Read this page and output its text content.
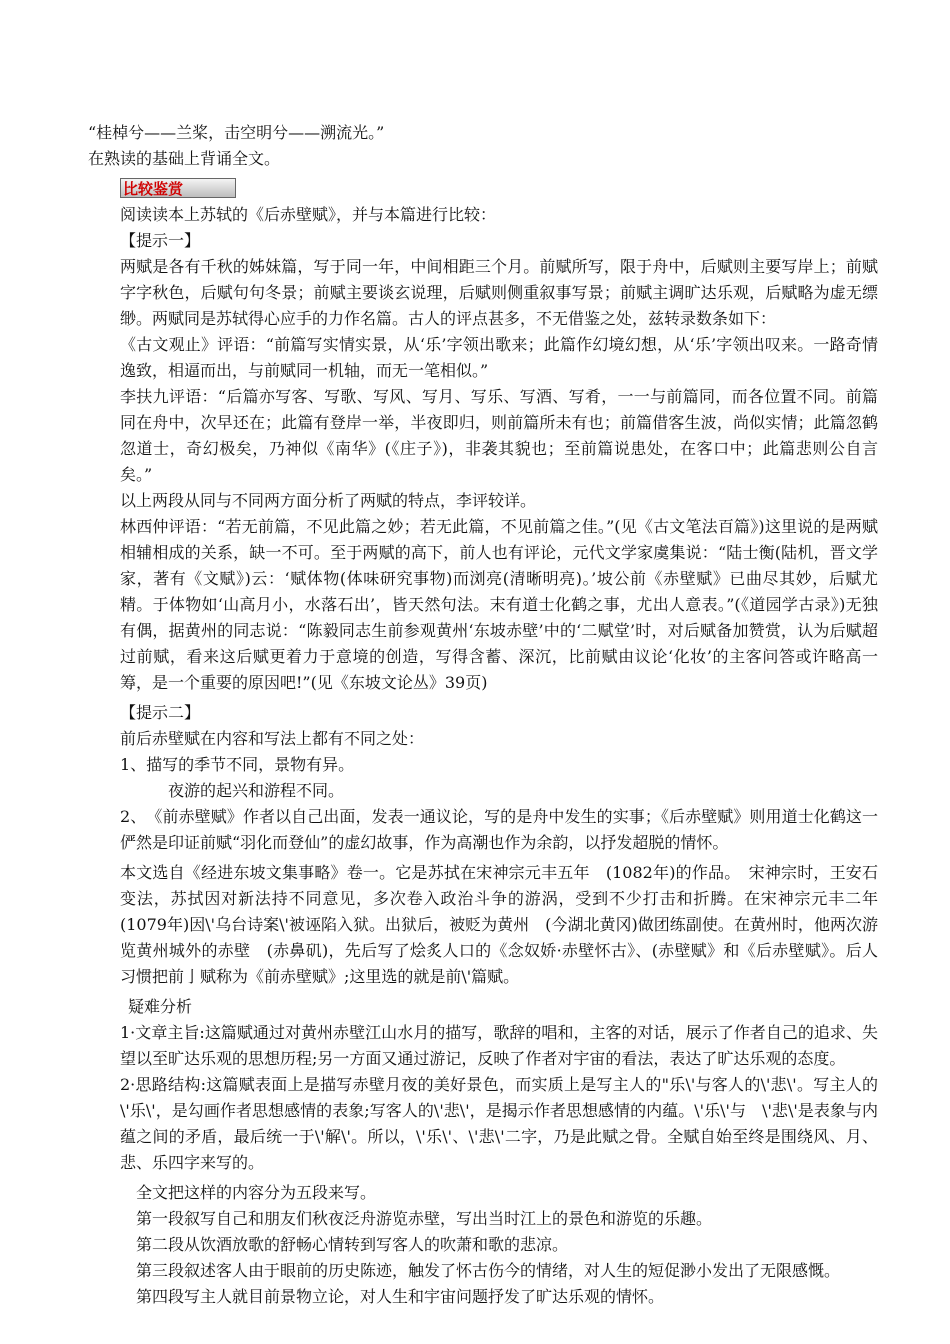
“桂棹兮——兰桨，击空明兮——溯流光。”
在熟读的基础上背诵全文。
比较鉴赏
阅读读本上苏轼的《后赤壁赋》，并与本篇进行比较：
【提示一】
两赋是各有千秋的姊妹篇，写于同一年，中间相距三个月。前赋所写，限于舟中，后赋则主要写岸上；前赋字字秋色，后赋句句冬景；前赋主要谈玄说理，后赋则侧重叙事写景；前赋主调旷达乐观，后赋略为虚无缥缈。两赋同是苏轼得心应手的力作名篇。古人的评点甚多，不无借鉴之处，兹转录数条如下：
《古文观止》评语：“前篇写实情实景，从‘乐’字领出歌来；此篇作幻境幻想，从‘乐’字领出叹来。一路奇情逸致，相逼而出，与前赋同一机轴，而无一笔相似。”
李扶九评语：“后篇亦写客、写歌、写风、写月、写乐、写酒、写肴，一一与前篇同，而各位置不同。前篇同在舟中，次早还在；此篇有登岸一举，半夜即归，则前篇所未有也；前篇借客生波，尚似实情；此篇忽鹤忽道士，奇幻极矣，乃神似《南华》(《庄子》)，非袭其貌也；至前篇说患处，在客口中；此篇悲则公自言矣。”
以上两段从同与不同两方面分析了两赋的特点，李评较详。
林西仲评语：“若无前篇，不见此篇之妙；若无此篇，不见前篇之佳。”(见《古文笔法百篇》)这里说的是两赋相辅相成的关系，缺一不可。至于两赋的高下，前人也有评论，元代文学家虞集说：“陆士衡(陆机，晋文学家，著有《文赋》)云：‘赋体物(体味研究事物)而浏亮(清晰明亮)。’坡公前《赤壁赋》已曲尽其妙，后赋尤精。于体物如‘山高月小，水落石出’，皆天然句法。末有道士化鹤之事，尤出人意表。”(《道园学古录》)无独有偶，据黄州的同志说：“陈毅同志生前参观黄州‘东坡赤壁’中的‘二赋堂’时，对后赋备加赞赏，认为后赋超过前赋，看来这后赋更着力于意境的创造，写得含蓄、深沉，比前赋由议论‘化妆’的主客问答或许略高一筹，是一个重要的原因吧!”(见《东坡文论丛》39页)
【提示二】
前后赤壁赋在内容和写法上都有不同之处：
1、描写的季节不同，景物有异。
夜游的起兴和游程不同。
2、　《前赤壁赋》作者以自己出面，发表一通议论，写的是舟中发生的实事；《后赤壁赋》则用道士化鹤这一俨然是印证前赋“羽化而登仙”的虚幻故事，作为高潮也作为余韵，以抒发超脱的情怀。
本文选自《经进东坡文集事略》卷一。它是苏拭在宋神宗元丰五年　(1082年)的作品。　宋神宗时，王安石变法，苏拭因对新法持不同意见，多次卷入政治斗争的游涡，受到不少打击和折腾。在宋神宗元丰二年(1079年)因\'乌台诗案\'被诬陷入狱。出狱后，被贬为黄州　(今湖北黄冈)做团练副使。在黄州时，他两次游览黄州城外的赤壁　(赤鼻矶)，先后写了烩炙人口的《念奴娇·赤壁怀古》、(赤壁赋》和《后赤壁赋》。后人习惯把前亅赋称为《前赤壁赋》;这里选的就是前\'篇赋。
疑难分析
1·文章主旨:这篇赋通过对黄州赤壁江山水月的描写，歌辞的唱和，主客的对话，展示了作者自己的追求、失望以至旷达乐观的思想历程;另一方面又通过游记，反映了作者对宇宙的看法，表达了旷达乐观的态度。
2·思路结构:这篇赋表面上是描写赤壁月夜的美好景色，而实质上是写主人的"乐\'与客人的\'悲\'。写主人的　\'乐\'，是勾画作者思想感情的表象;写客人的\'悲\'，是揭示作者思想感情的内蕴。\'乐\'与　\'悲\'是表象与内蕴之间的矛盾，最后统一于\'解\'。所以，\'乐\'、\'悲\'二字，乃是此赋之骨。全赋自始至终是围绕风、月、悲、乐四字来写的。
全文把这样的内容分为五段来写。
第一段叙写自己和朋友们秋夜泛舟游览赤壁，写出当时江上的景色和游览的乐趣。
第二段从饮酒放歌的舒畅心情转到写客人的吹萧和歌的悲凉。
第三段叙述客人由于眼前的历史陈迹，触发了怀古伤今的情绪，对人生的短促渺小发出了无限感慨。
第四段写主人就目前景物立论，对人生和宇宙问题抒发了旷达乐观的情怀。
